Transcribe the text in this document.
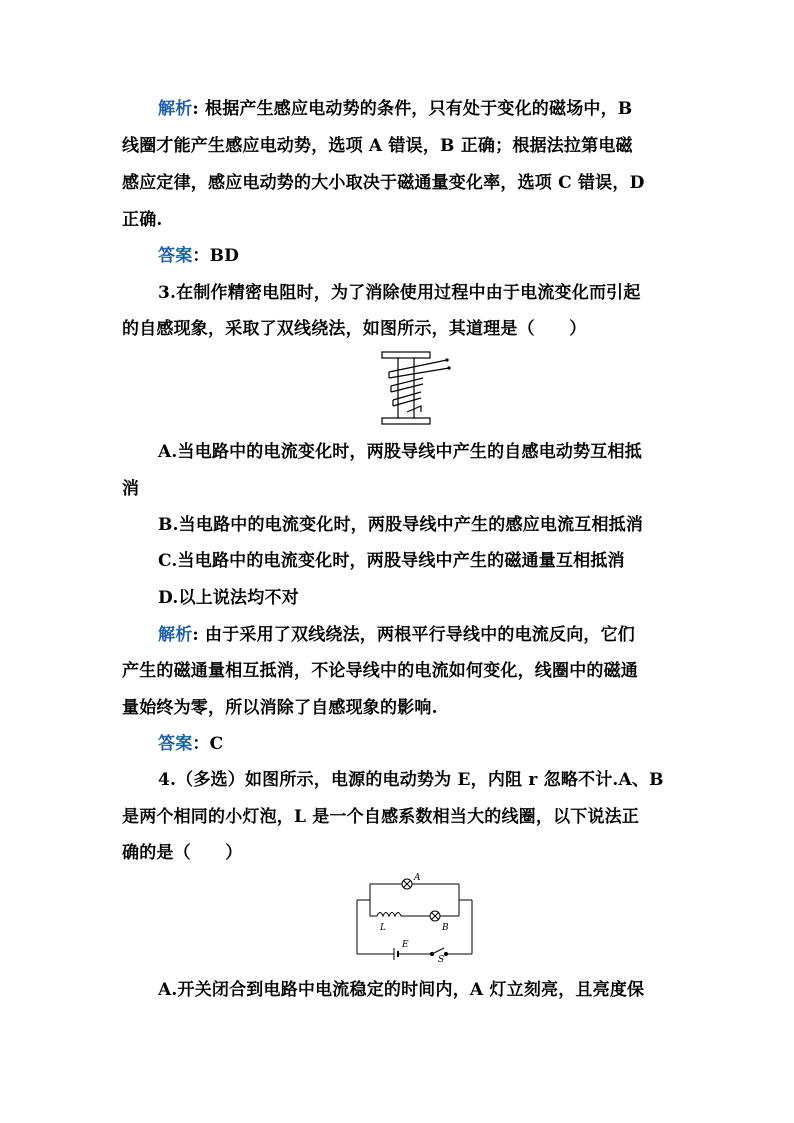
解析: 根据产生感应电动势的条件，只有处于变化的磁场中，B
线圈才能产生感应电动势，选项 A 错误，B 正确；根据法拉第电磁
感应定律，感应电动势的大小取决于磁通量变化率，选项 C 错误，D
正确.
答案：BD
3.在制作精密电阻时，为了消除使用过程中由于电流变化而引起
的自感现象，采取了双线绕法，如图所示，其道理是（　　）
A.当电路中的电流变化时，两股导线中产生的自感电动势互相抵
消
B.当电路中的电流变化时，两股导线中产生的感应电流互相抵消
C.当电路中的电流变化时，两股导线中产生的磁通量互相抵消
D.以上说法均不对
解析: 由于采用了双线绕法，两根平行导线中的电流反向，它们
产生的磁通量相互抵消，不论导线中的电流如何变化，线圈中的磁通
量始终为零，所以消除了自感现象的影响.
答案：C
4.（多选）如图所示，电源的电动势为 E，内阻 r 忽略不计.A、B
是两个相同的小灯泡，L 是一个自感系数相当大的线圈，以下说法正
确的是（　　）
A
B
L
E
S
A.开关闭合到电路中电流稳定的时间内，A 灯立刻亮，且亮度保
